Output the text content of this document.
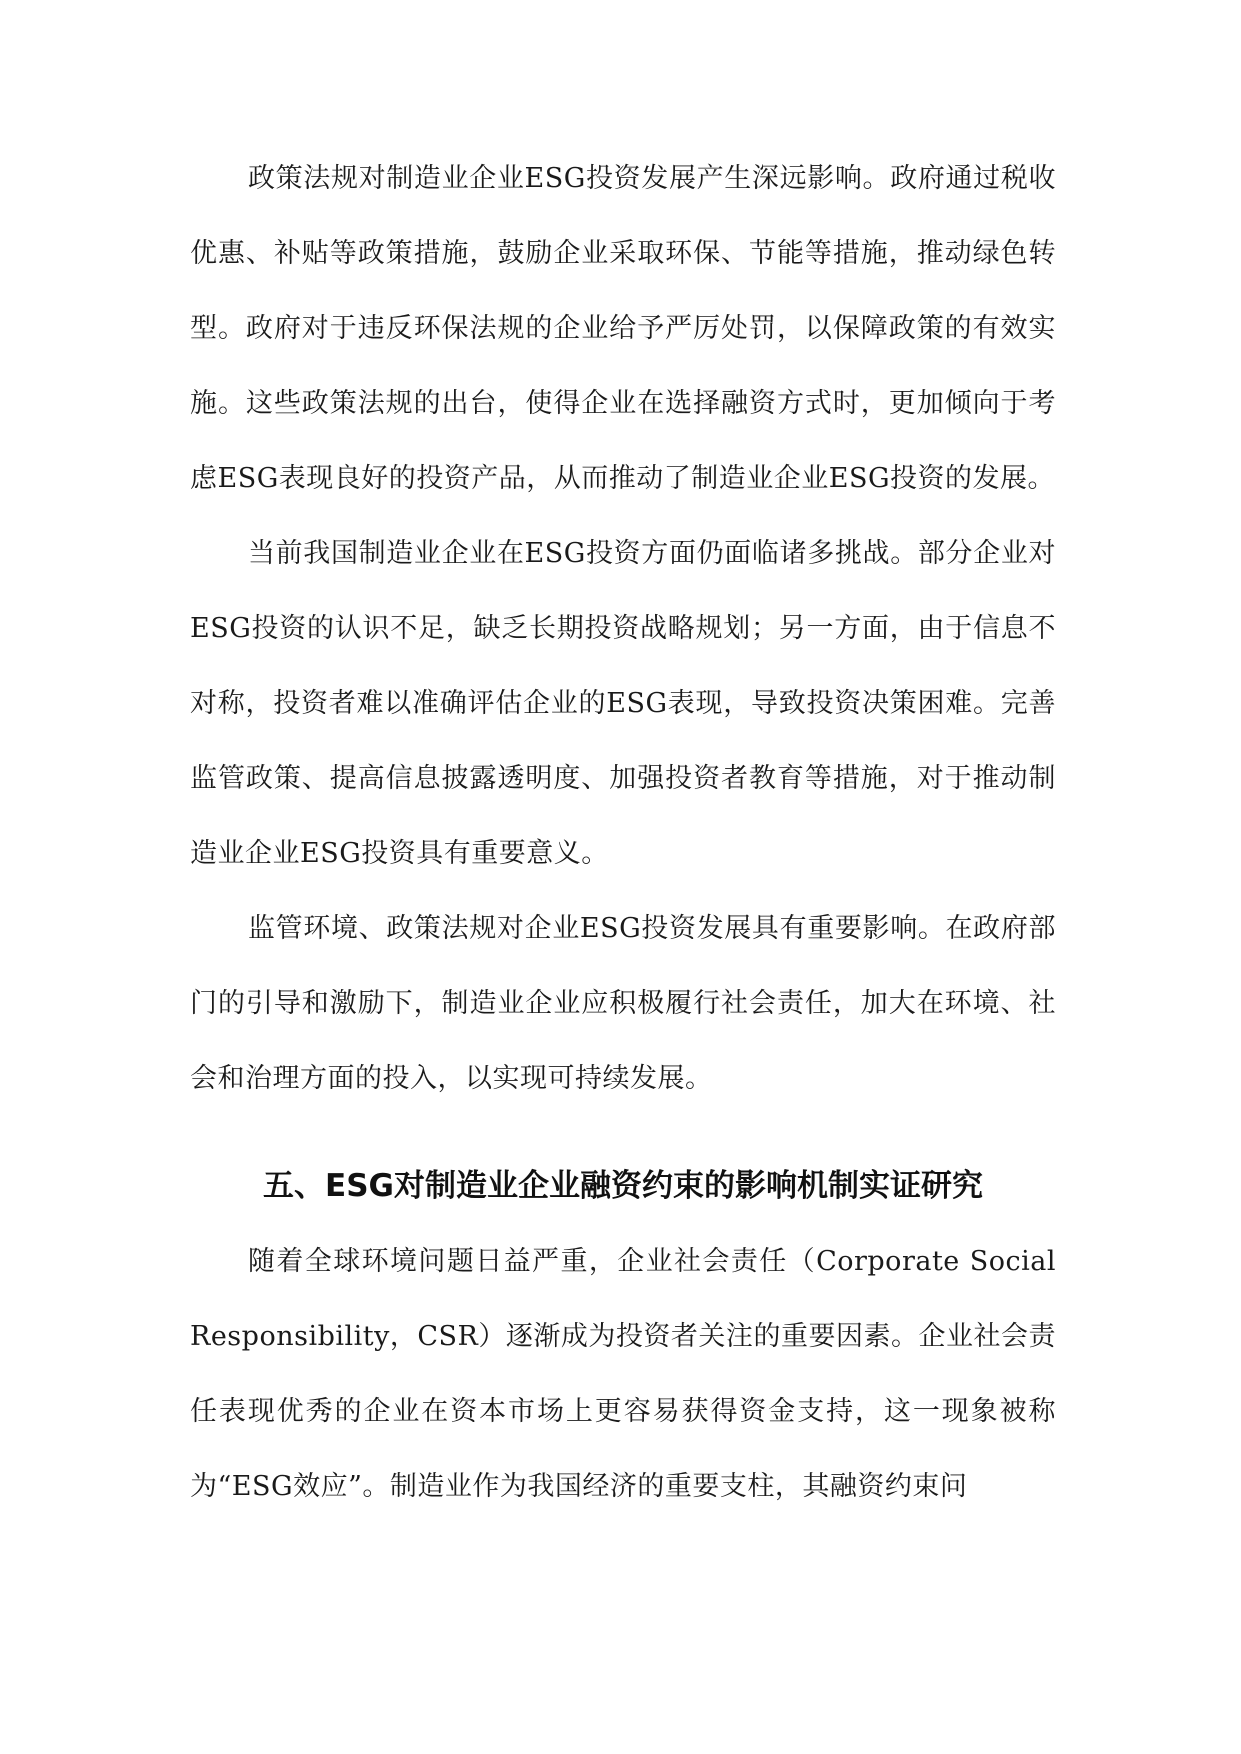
政策法规对制造业企业ESG投资发展产生深远影响。政府通过税收优惠、补贴等政策措施，鼓励企业采取环保、节能等措施，推动绿色转型。政府对于违反环保法规的企业给予严厉处罚，以保障政策的有效实施。这些政策法规的出台，使得企业在选择融资方式时，更加倾向于考虑ESG表现良好的投资产品，从而推动了制造业企业ESG投资的发展。

当前我国制造业企业在ESG投资方面仍面临诸多挑战。部分企业对ESG投资的认识不足，缺乏长期投资战略规划；另一方面，由于信息不对称，投资者难以准确评估企业的ESG表现，导致投资决策困难。完善监管政策、提高信息披露透明度、加强投资者教育等措施，对于推动制造业企业ESG投资具有重要意义。

监管环境、政策法规对企业ESG投资发展具有重要影响。在政府部门的引导和激励下，制造业企业应积极履行社会责任，加大在环境、社会和治理方面的投入，以实现可持续发展。

五、ESG对制造业企业融资约束的影响机制实证研究

随着全球环境问题日益严重，企业社会责任（Corporate Social Responsibility，CSR）逐渐成为投资者关注的重要因素。企业社会责任表现优秀的企业在资本市场上更容易获得资金支持，这一现象被称为“ESG效应”。制造业作为我国经济的重要支柱，其融资约束问
